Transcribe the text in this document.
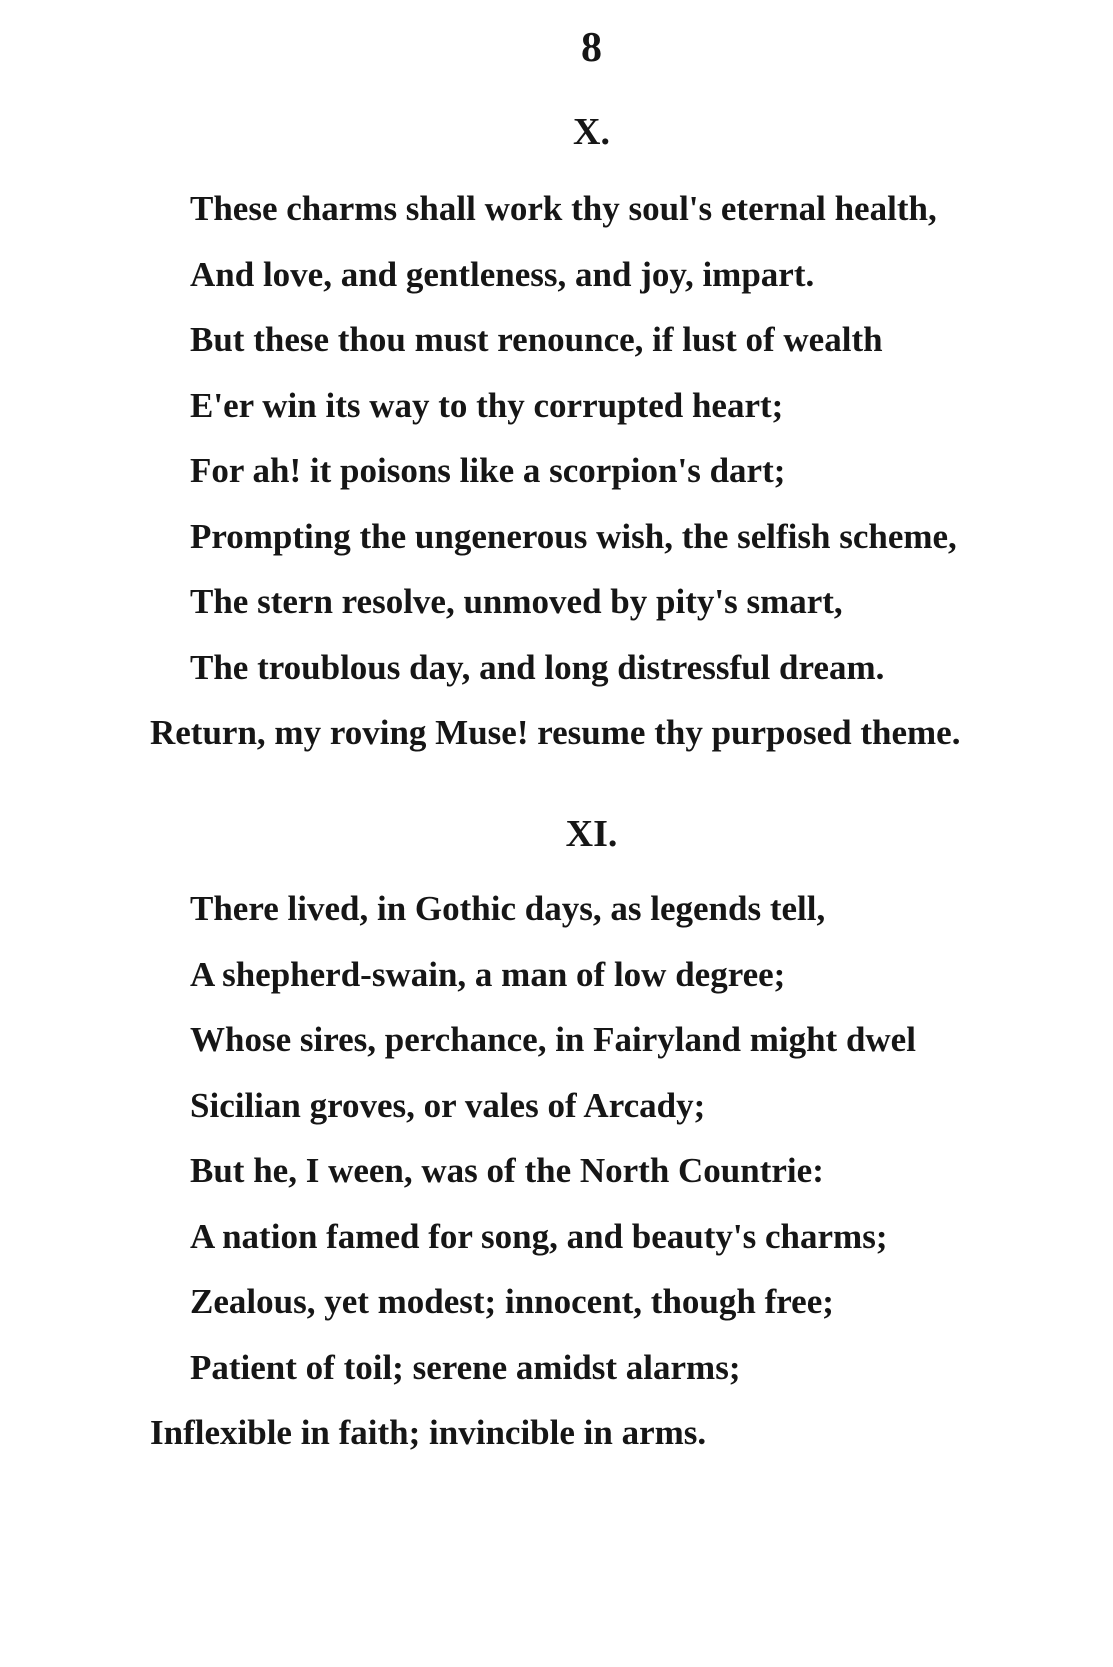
8
X.
These charms shall work thy soul's eternal health,
And love, and gentleness, and joy, impart.
But these thou must renounce, if lust of wealth
E'er win its way to thy corrupted heart;
For ah! it poisons like a scorpion's dart;
Prompting the ungenerous wish, the selfish scheme,
The stern resolve, unmoved by pity's smart,
The troublous day, and long distressful dream.
Return, my roving Muse! resume thy purposed theme.
XI.
There lived, in Gothic days, as legends tell,
A shepherd-swain, a man of low degree;
Whose sires, perchance, in Fairyland might dwel
Sicilian groves, or vales of Arcady;
But he, I ween, was of the North Countrie:
A nation famed for song, and beauty's charms;
Zealous, yet modest; innocent, though free;
Patient of toil; serene amidst alarms;
Inflexible in faith; invincible in arms.
